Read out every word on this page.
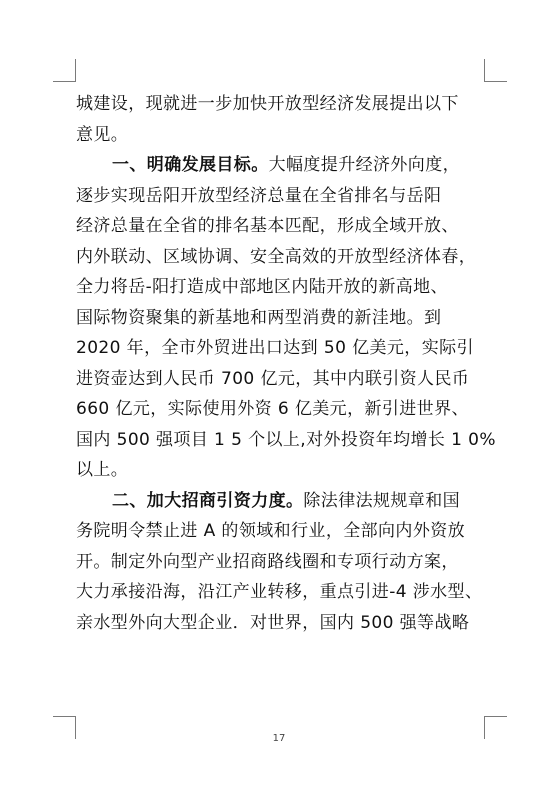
城建设，现就进一步加快开放型经济发展提出以下
意见。
一、明确发展目标。大幅度提升经济外向度，
逐步实现岳阳开放型经济总量在全省排名与岳阳
经济总量在全省的排名基本匹配，形成全域开放、
内外联动、区域协调、安全高效的开放型经济体春，
全力将岳-阳打造成中部地区内陆开放的新高地、
国际物资聚集的新基地和两型消费的新洼地。到
2020 年，全市外贸进出口达到 50 亿美元，实际引
进资壶达到人民币 700 亿元，其中内联引资人民币
660 亿元，实际使用外资 6 亿美元，新引进世界、
国内 500 强项目 1 5 个以上,对外投资年均增长 1 0%
以上。
二、加大招商引资力度。除法律法规规章和国
务院明令禁止进 A 的领域和行业，全部向内外资放
开。制定外向型产业招商路线圈和专项行动方案，
大力承接沿海，沿江产业转移，重点引进-4 涉水型、
亲水型外向大型企业．对世界，国内 500 强等战略
17
